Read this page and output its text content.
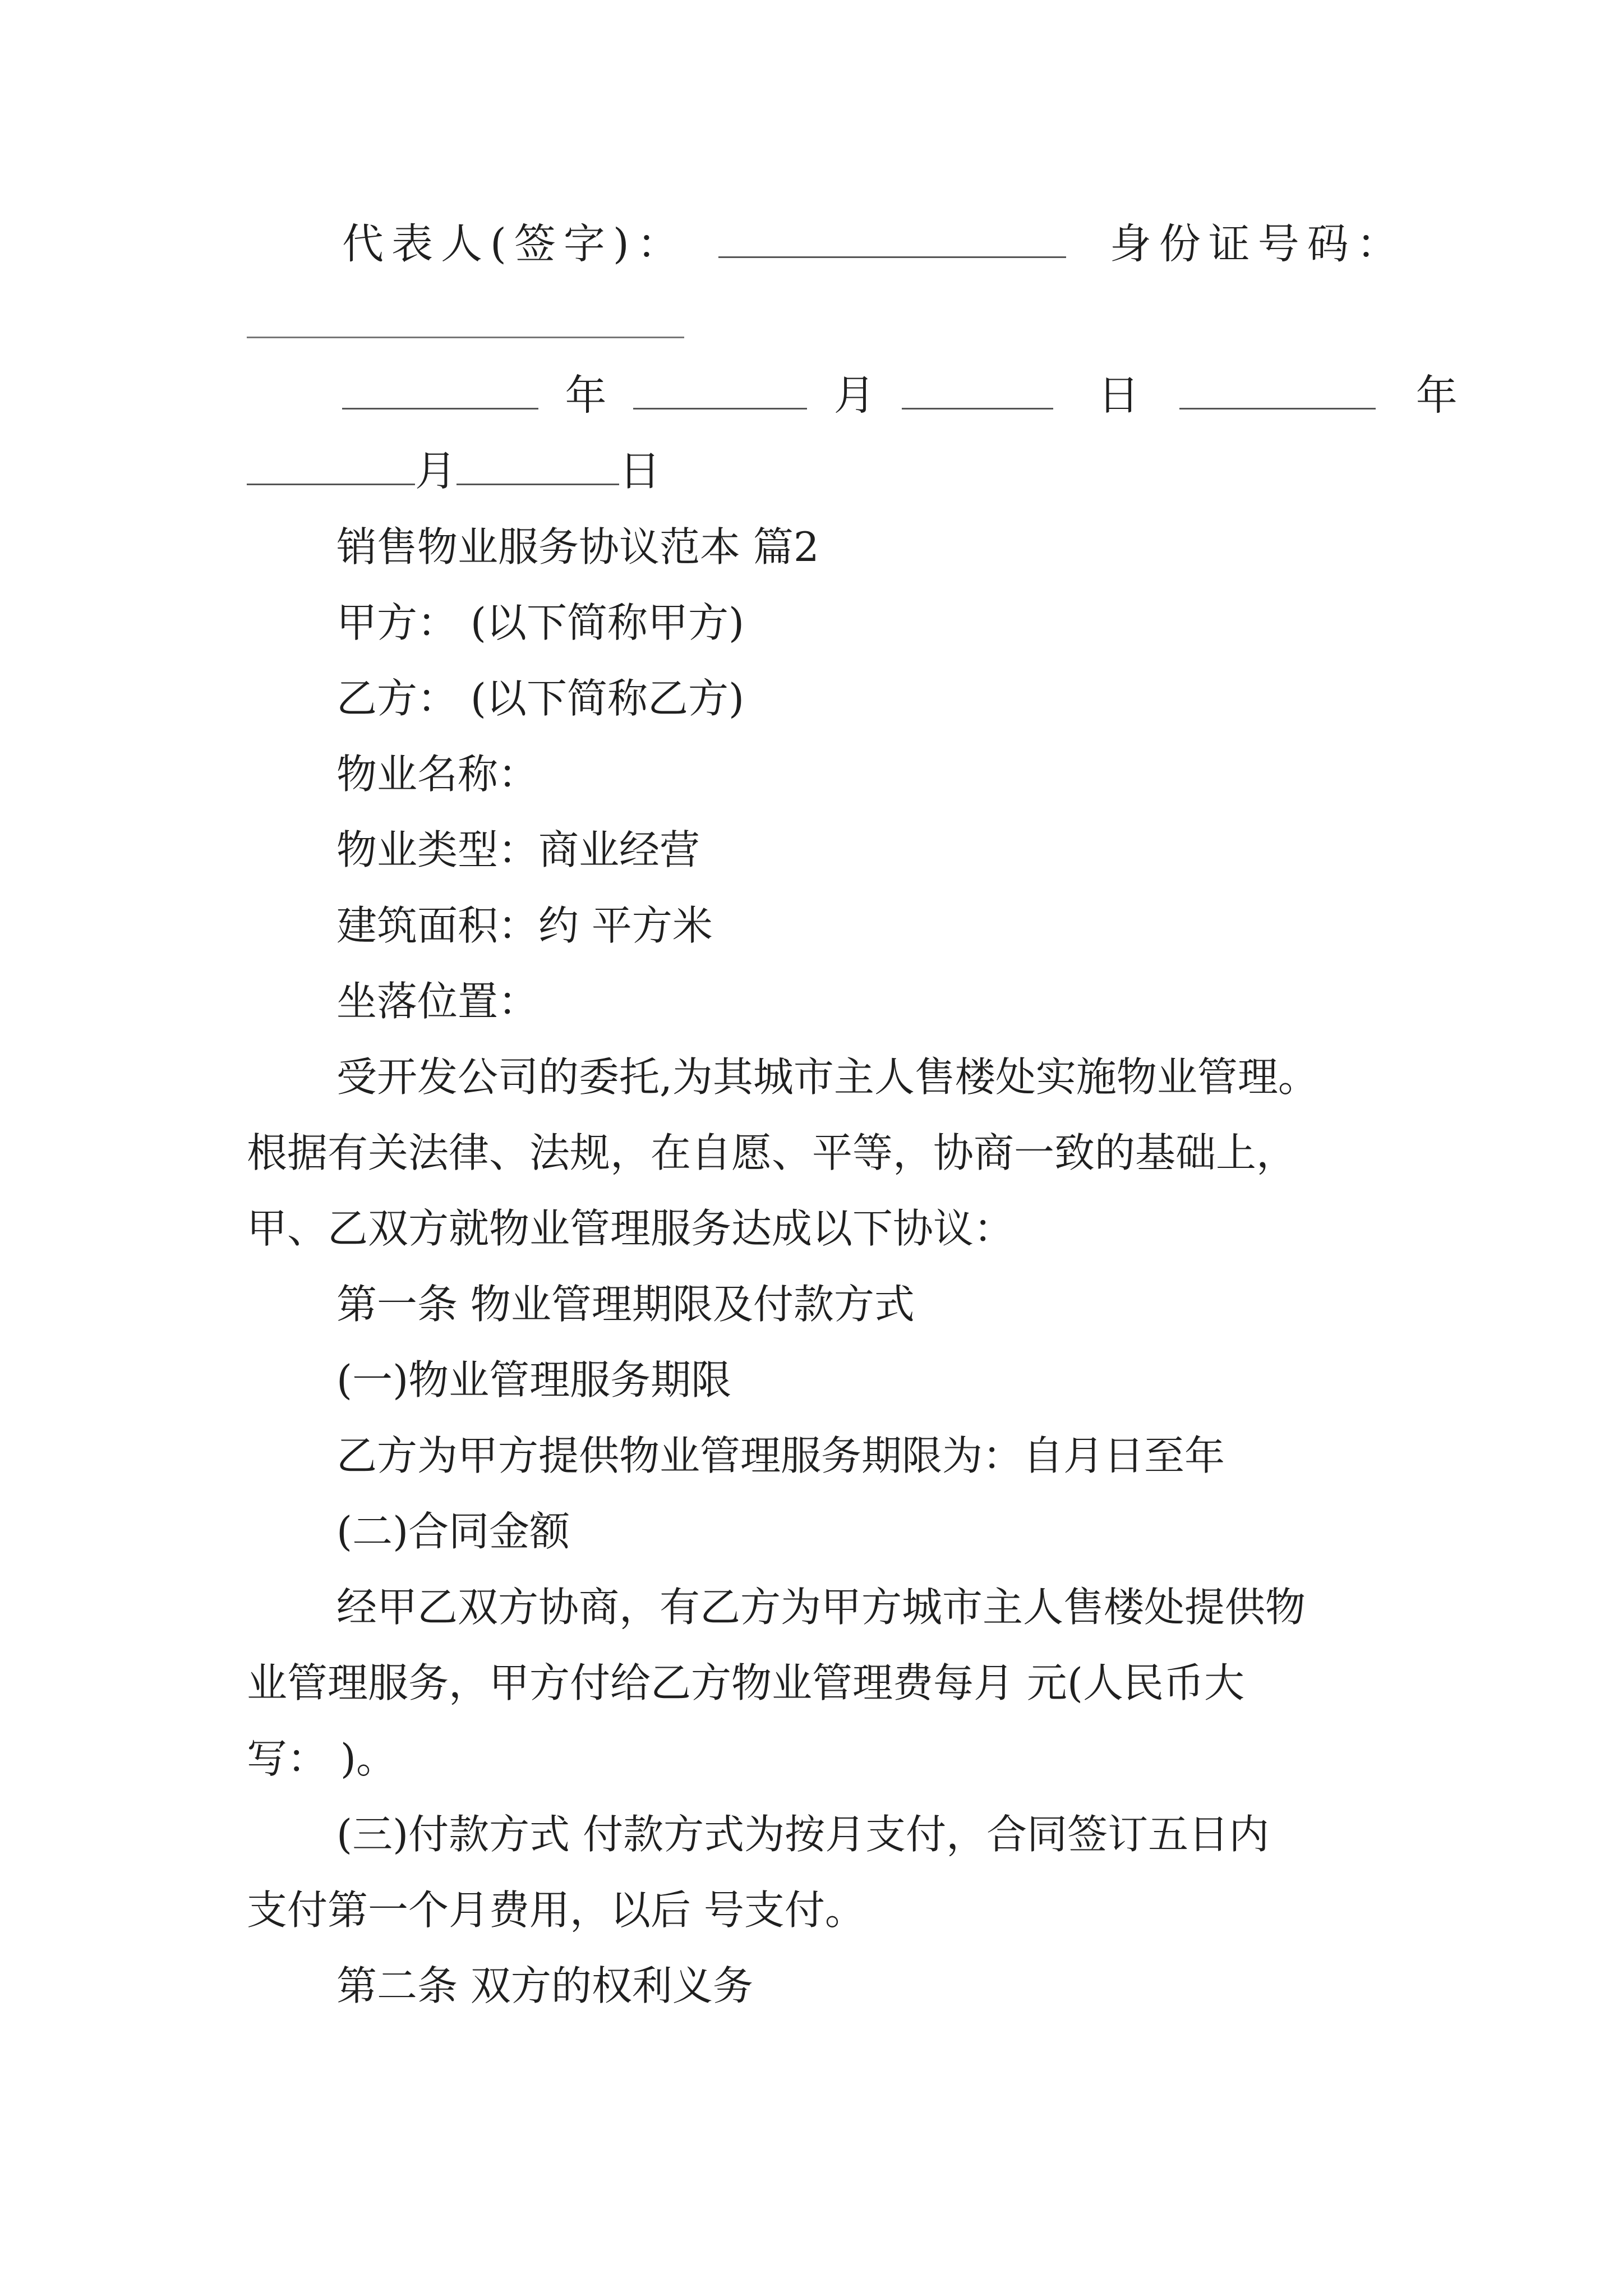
代表人(签字)：	身份证号码：
年	月	日	年
月	日
销售物业服务协议范本 篇2
甲方： (以下简称甲方)
乙方： (以下简称乙方)
物业名称：
物业类型：商业经营
建筑面积：约 平方米
坐落位置：
受开发公司的委托,为其城市主人售楼处实施物业管理。
根据有关法律、法规，在自愿、平等，协商一致的基础上，
甲、乙双方就物业管理服务达成以下协议：
第一条 物业管理期限及付款方式
(一)物业管理服务期限
乙方为甲方提供物业管理服务期限为：自月日至年
(二)合同金额
经甲乙双方协商，有乙方为甲方城市主人售楼处提供物
业管理服务，甲方付给乙方物业管理费每月 元(人民币大
写： )。
(三)付款方式 付款方式为按月支付，合同签订五日内
支付第一个月费用，以后 号支付。
第二条 双方的权利义务
